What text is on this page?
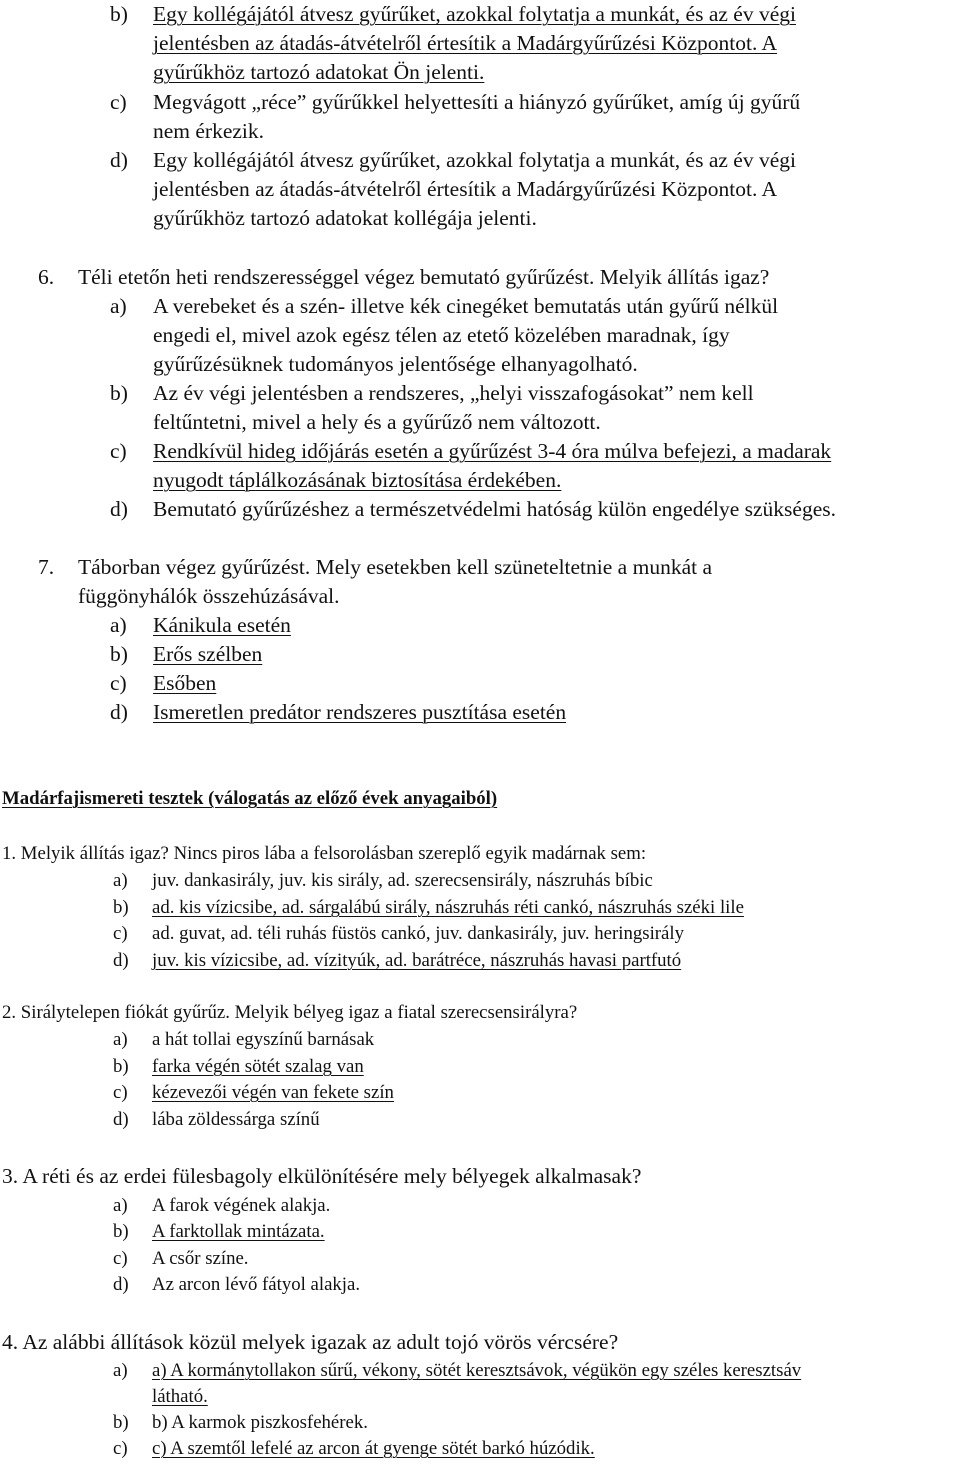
b) Egy kollégájától átvesz gyűrűket, azokkal folytatja a munkát, és az év végi
jelentésben az átadás-átvételről értesítik a Madárgyűrűzési Központot. A
gyűrűkhöz tartozó adatokat Ön jelenti.
c) Megvágott „réce” gyűrűkkel helyettesíti a hiányzó gyűrűket, amíg új gyűrű
nem érkezik.
d) Egy kollégájától átvesz gyűrűket, azokkal folytatja a munkát, és az év végi
jelentésben az átadás-átvételről értesítik a Madárgyűrűzési Központot. A
gyűrűkhöz tartozó adatokat kollégája jelenti.
6. Téli etetőn heti rendszerességgel végez bemutató gyűrűzést. Melyik állítás igaz?
a) A verebeket és a szén- illetve kék cinegéket bemutatás után gyűrű nélkül
engedi el, mivel azok egész télen az etető közelében maradnak, így
gyűrűzésüknek tudományos jelentősége elhanyagolható.
b) Az év végi jelentésben a rendszeres, „helyi visszafogásokat” nem kell
feltűntetni, mivel a hely és a gyűrűző nem változott.
c) Rendkívül hideg időjárás esetén a gyűrűzést 3-4 óra múlva befejezi, a madarak
nyugodt táplálkozásának biztosítása érdekében.
d) Bemutató gyűrűzéshez a természetvédelmi hatóság külön engedélye szükséges.
7. Táborban végez gyűrűzést. Mely esetekben kell szüneteltetnie a munkát a
függönyhálók összehúzásával.
a) Kánikula esetén
b) Erős szélben
c) Esőben
d) Ismeretlen predátor rendszeres pusztítása esetén
Madárfajismereti tesztek (válogatás az előző évek anyagaiból)
1. Melyik állítás igaz? Nincs piros lába a felsorolásban szereplő egyik madárnak sem:
a) juv. dankasirály, juv. kis sirály, ad. szerecsensirály, nászruhás bíbic
b) ad. kis vízicsibe, ad. sárgalábú sirály, nászruhás réti cankó, nászruhás széki lile
c) ad. guvat, ad. téli ruhás füstös cankó, juv. dankasirály, juv. heringsirály
d) juv. kis vízicsibe, ad. vízityúk, ad. barátréce, nászruhás havasi partfutó
2. Sirálytelepen fiókát gyűrűz. Melyik bélyeg igaz a fiatal szerecsensirályra?
a) a hát tollai egyszínű barnásak
b) farka végén sötét szalag van
c) kézevezői végén van fekete szín
d) lába zöldessárga színű
3. A réti és az erdei fülesbagoly elkülönítésére mely bélyegek alkalmasak?
a) A farok végének alakja.
b) A farktollak mintázata.
c) A csőr színe.
d) Az arcon lévő fátyol alakja.
4. Az alábbi állítások közül melyek igazak az adult tojó vörös vércsére?
a) a) A kormánytollakon sűrű, vékony, sötét keresztsávok, végükön egy széles keresztsáv
látható.
b) b) A karmok piszkosfehérek.
c) c) A szemtől lefelé az arcon át gyenge sötét barkó húzódik.
